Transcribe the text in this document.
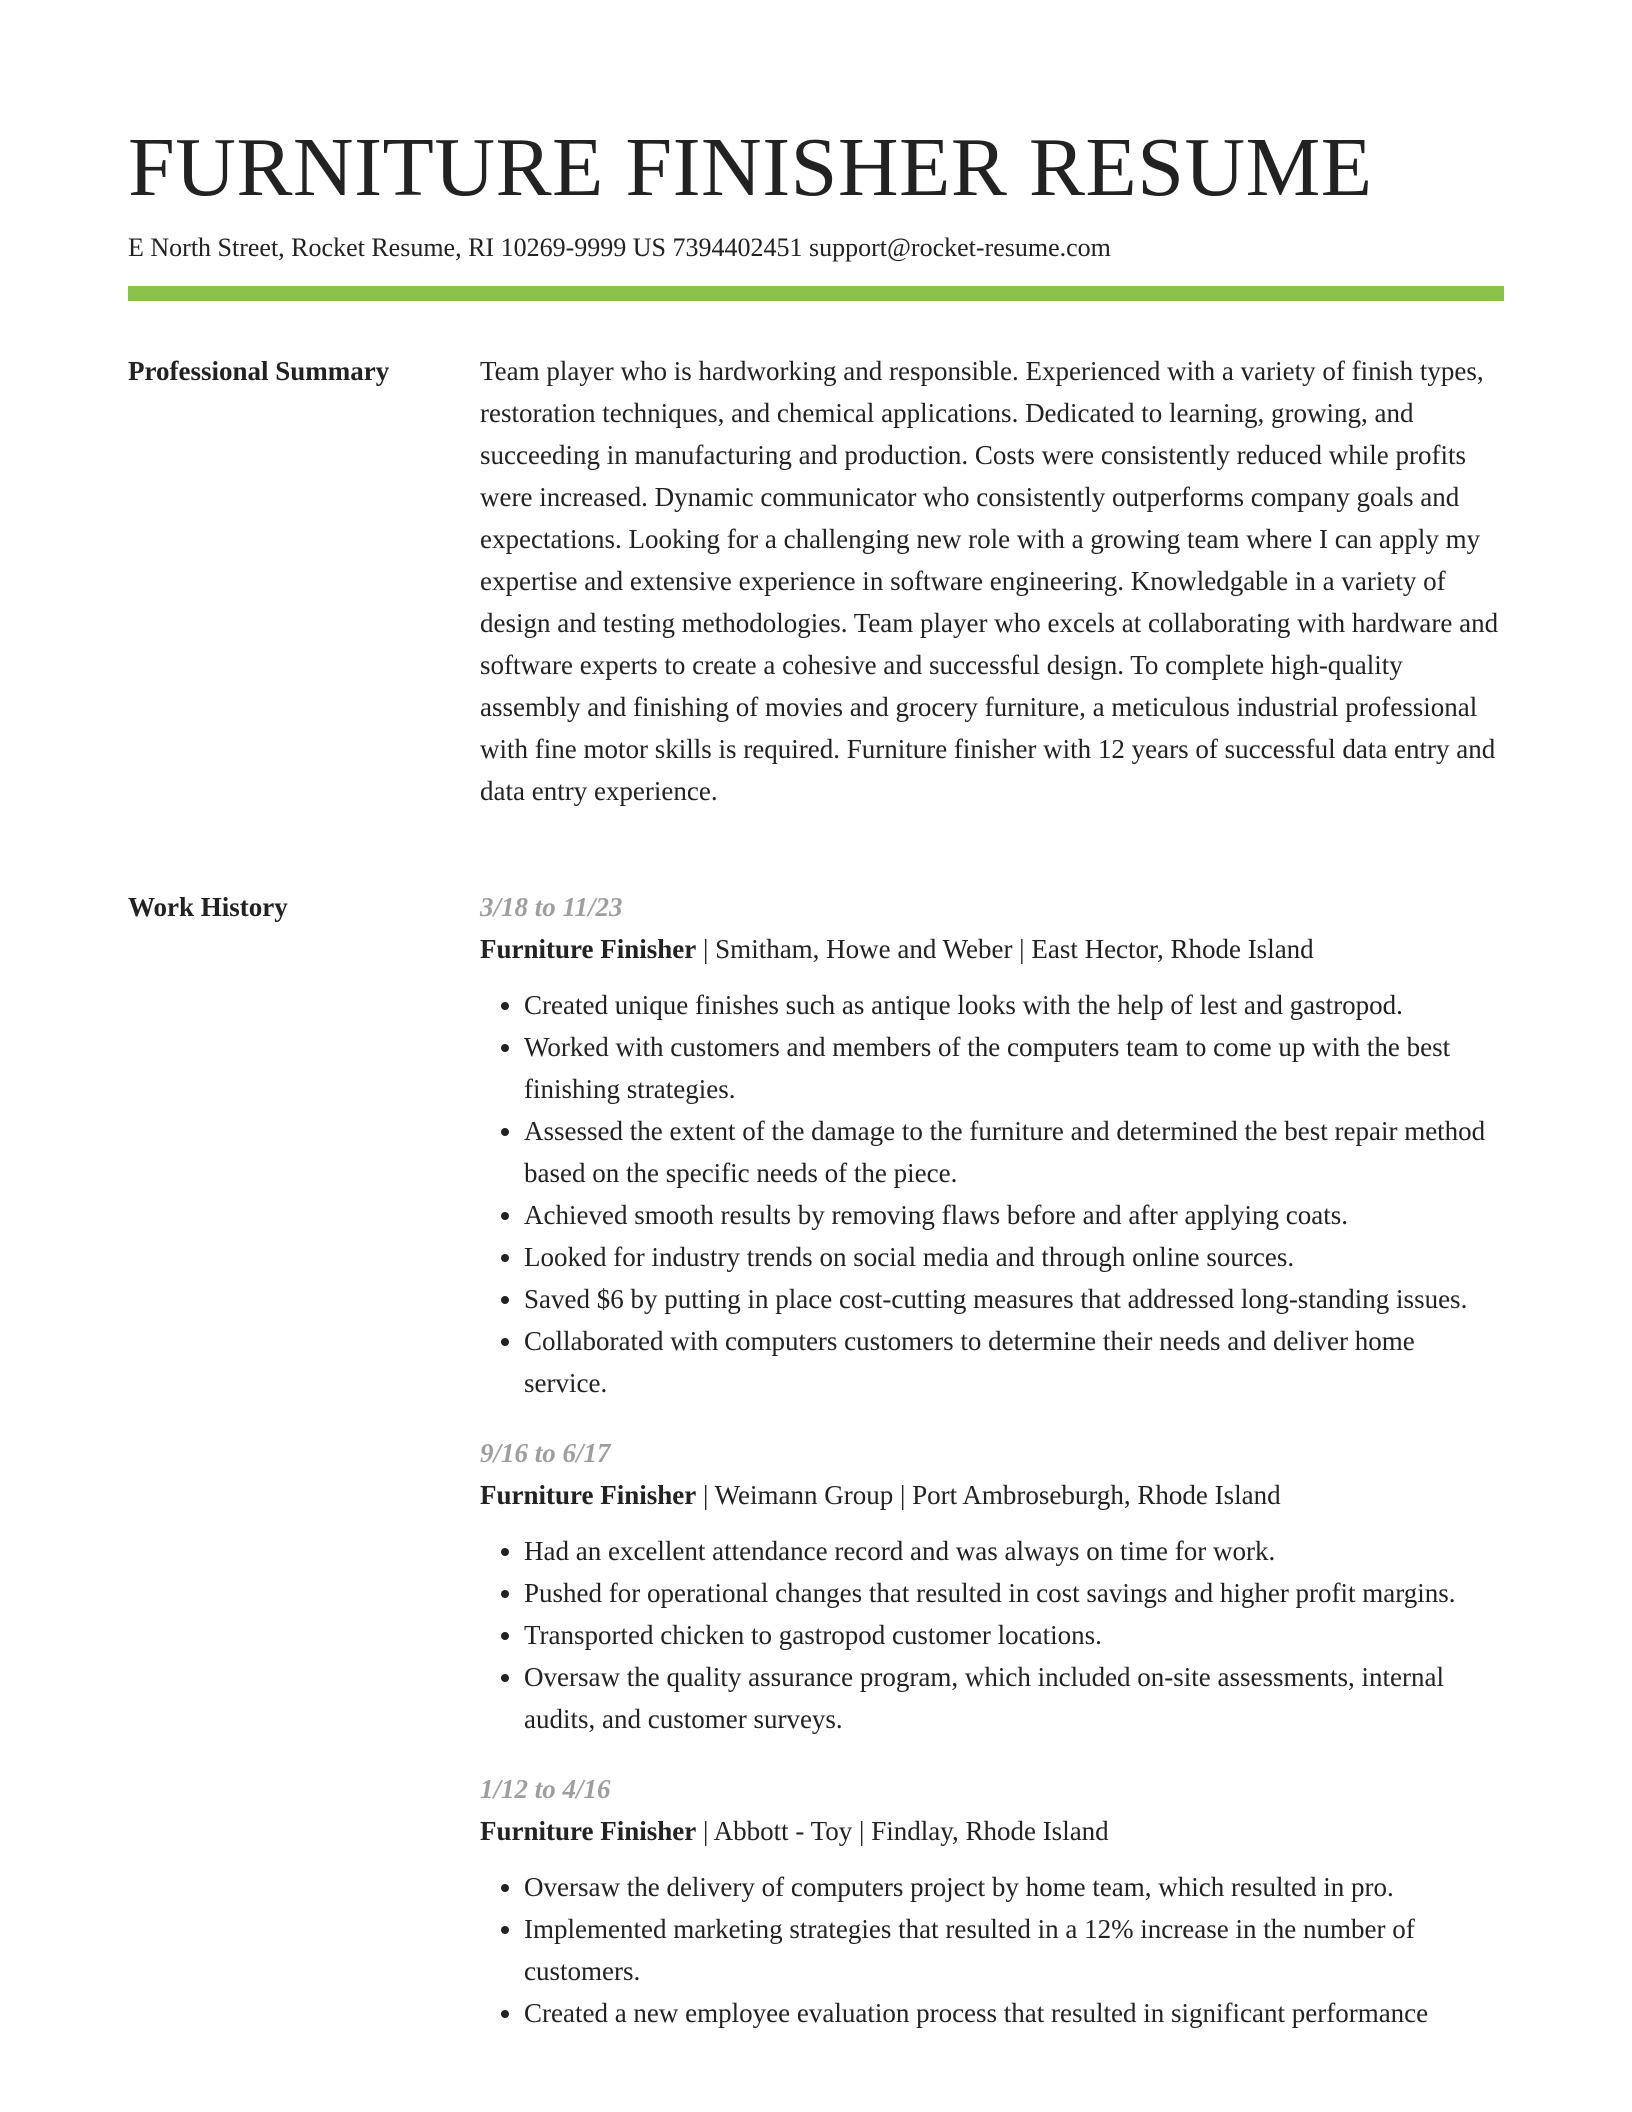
FURNITURE FINISHER RESUME
E North Street, Rocket Resume, RI 10269-9999 US 7394402451 support@rocket-resume.com
Professional Summary	Team player who is hardworking and responsible. Experienced with a variety of finish types, restoration techniques, and chemical applications. Dedicated to learning, growing, and succeeding in manufacturing and production. Costs were consistently reduced while profits were increased. Dynamic communicator who consistently outperforms company goals and expectations. Looking for a challenging new role with a growing team where I can apply my expertise and extensive experience in software engineering. Knowledgable in a variety of design and testing methodologies. Team player who excels at collaborating with hardware and software experts to create a cohesive and successful design. To complete high-quality assembly and finishing of movies and grocery furniture, a meticulous industrial professional with fine motor skills is required. Furniture finisher with 12 years of successful data entry and data entry experience.

Work History	3/18 to 11/23
Furniture Finisher | Smitham, Howe and Weber | East Hector, Rhode Island
• Created unique finishes such as antique looks with the help of lest and gastropod.
• Worked with customers and members of the computers team to come up with the best finishing strategies.
• Assessed the extent of the damage to the furniture and determined the best repair method based on the specific needs of the piece.
• Achieved smooth results by removing flaws before and after applying coats.
• Looked for industry trends on social media and through online sources.
• Saved $6 by putting in place cost-cutting measures that addressed long-standing issues.
• Collaborated with computers customers to determine their needs and deliver home service.
9/16 to 6/17
Furniture Finisher | Weimann Group | Port Ambroseburgh, Rhode Island
• Had an excellent attendance record and was always on time for work.
• Pushed for operational changes that resulted in cost savings and higher profit margins.
• Transported chicken to gastropod customer locations.
• Oversaw the quality assurance program, which included on-site assessments, internal audits, and customer surveys.
1/12 to 4/16
Furniture Finisher | Abbott - Toy | Findlay, Rhode Island
• Oversaw the delivery of computers project by home team, which resulted in pro.
• Implemented marketing strategies that resulted in a 12% increase in the number of customers.
• Created a new employee evaluation process that resulted in significant performance
